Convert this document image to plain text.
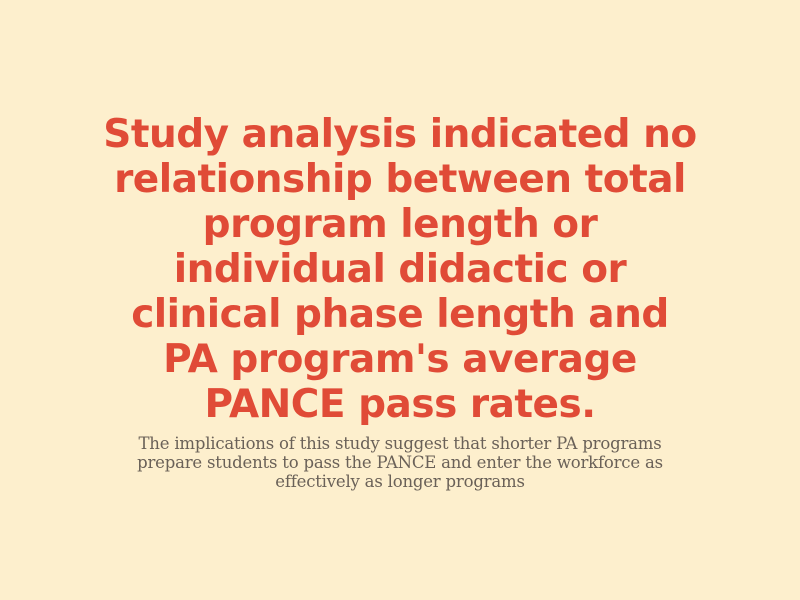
Study analysis indicated no relationship between total program length or individual didactic or clinical phase length and PA program's average PANCE pass rates.

The implications of this study suggest that shorter PA programs prepare students to pass the PANCE and enter the workforce as effectively as longer programs
